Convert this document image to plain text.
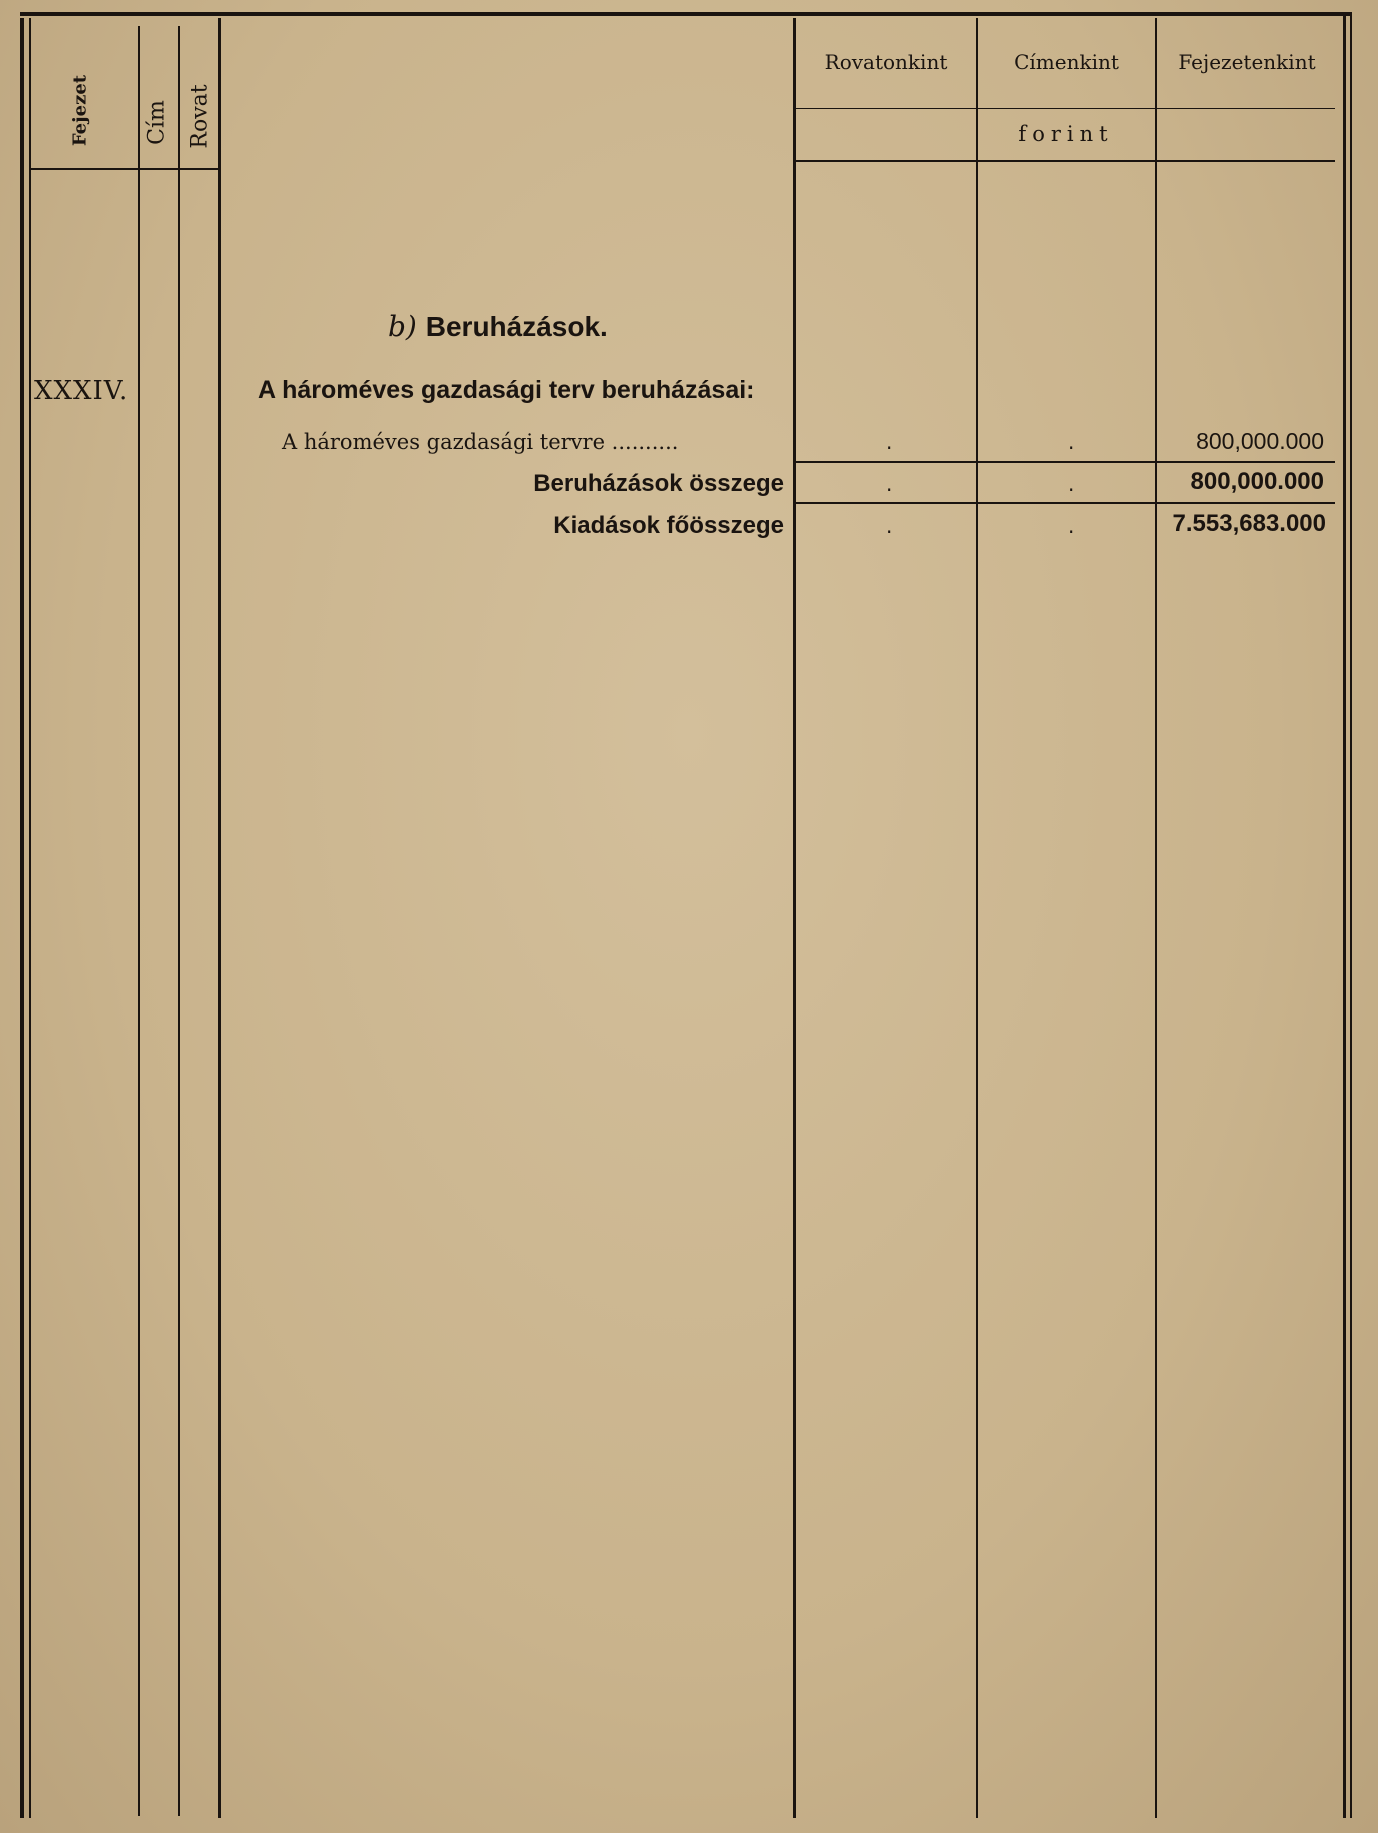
Fejezet Cím Rovat
Rovatonkint	Címenkint	Fejezetenkint
forint
b) Beruházások.
XXXIV.	A hároméves gazdasági terv beruházásai:
A hároméves gazdasági tervre ..........	.	.	800,000.000
Beruházások összege	.	.	800,000.000
Kiadások főösszege	.	.	7.553,683.000
